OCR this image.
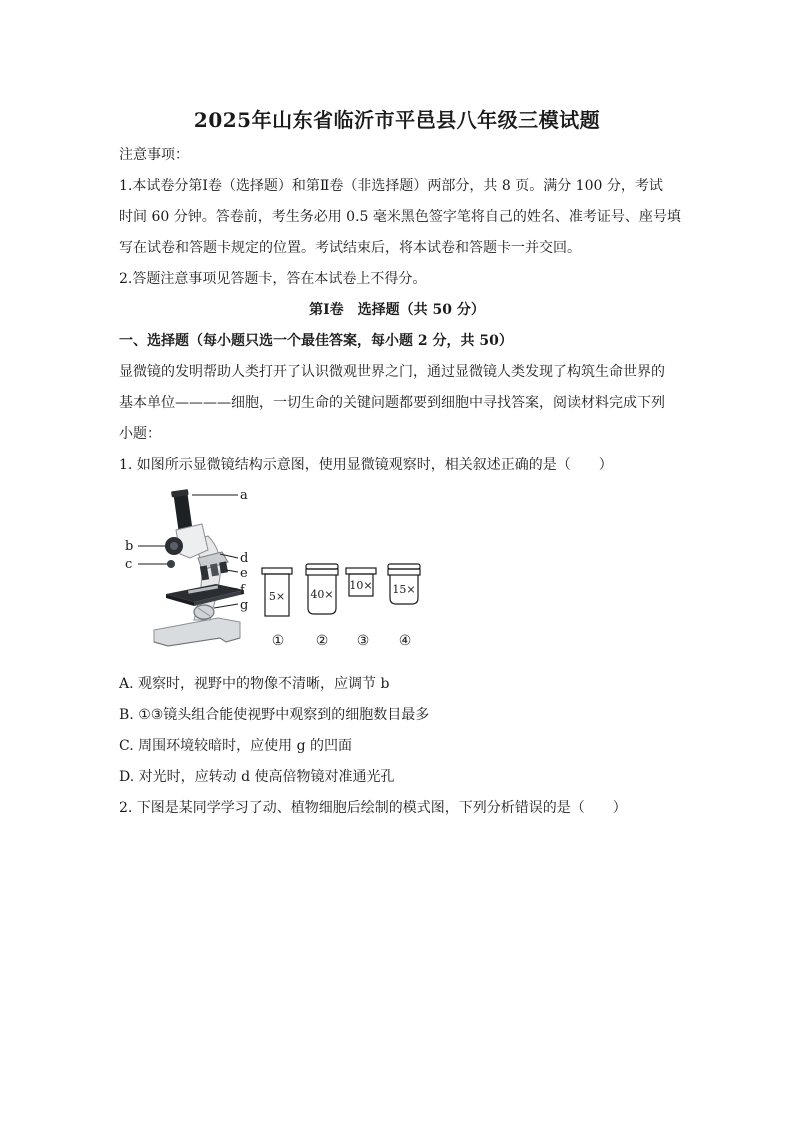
2025年山东省临沂市平邑县八年级三模试题
注意事项：
1.本试卷分第Ⅰ卷（选择题）和第Ⅱ卷（非选择题）两部分，共 8 页。满分 100 分，考试
时间 60 分钟。答卷前，考生务必用 0.5 毫米黑色签字笔将自己的姓名、准考证号、座号填
写在试卷和答题卡规定的位置。考试结束后，将本试卷和答题卡一并交回。
2.答题注意事项见答题卡，答在本试卷上不得分。
第Ⅰ卷　选择题（共 50 分）
一、选择题（每小题只选一个最佳答案，每小题 2 分，共 50）
显微镜的发明帮助人类打开了认识微观世界之门，通过显微镜人类发现了构筑生命世界的
基本单位————细胞，一切生命的关键问题都要到细胞中寻找答案，阅读材料完成下列
小题：
1. 如图所示显微镜结构示意图，使用显微镜观察时，相关叙述正确的是（　　）
a
b
c	d
e
f
g
5× 40×
10× 15×
① ② ③ ④
A. 观察时，视野中的物像不清晰，应调节 b
B. ①③镜头组合能使视野中观察到的细胞数目最多
C. 周围环境较暗时，应使用 g 的凹面
D. 对光时，应转动 d 使高倍物镜对准通光孔
2. 下图是某同学学习了动、植物细胞后绘制的模式图，下列分析错误的是（　　）
